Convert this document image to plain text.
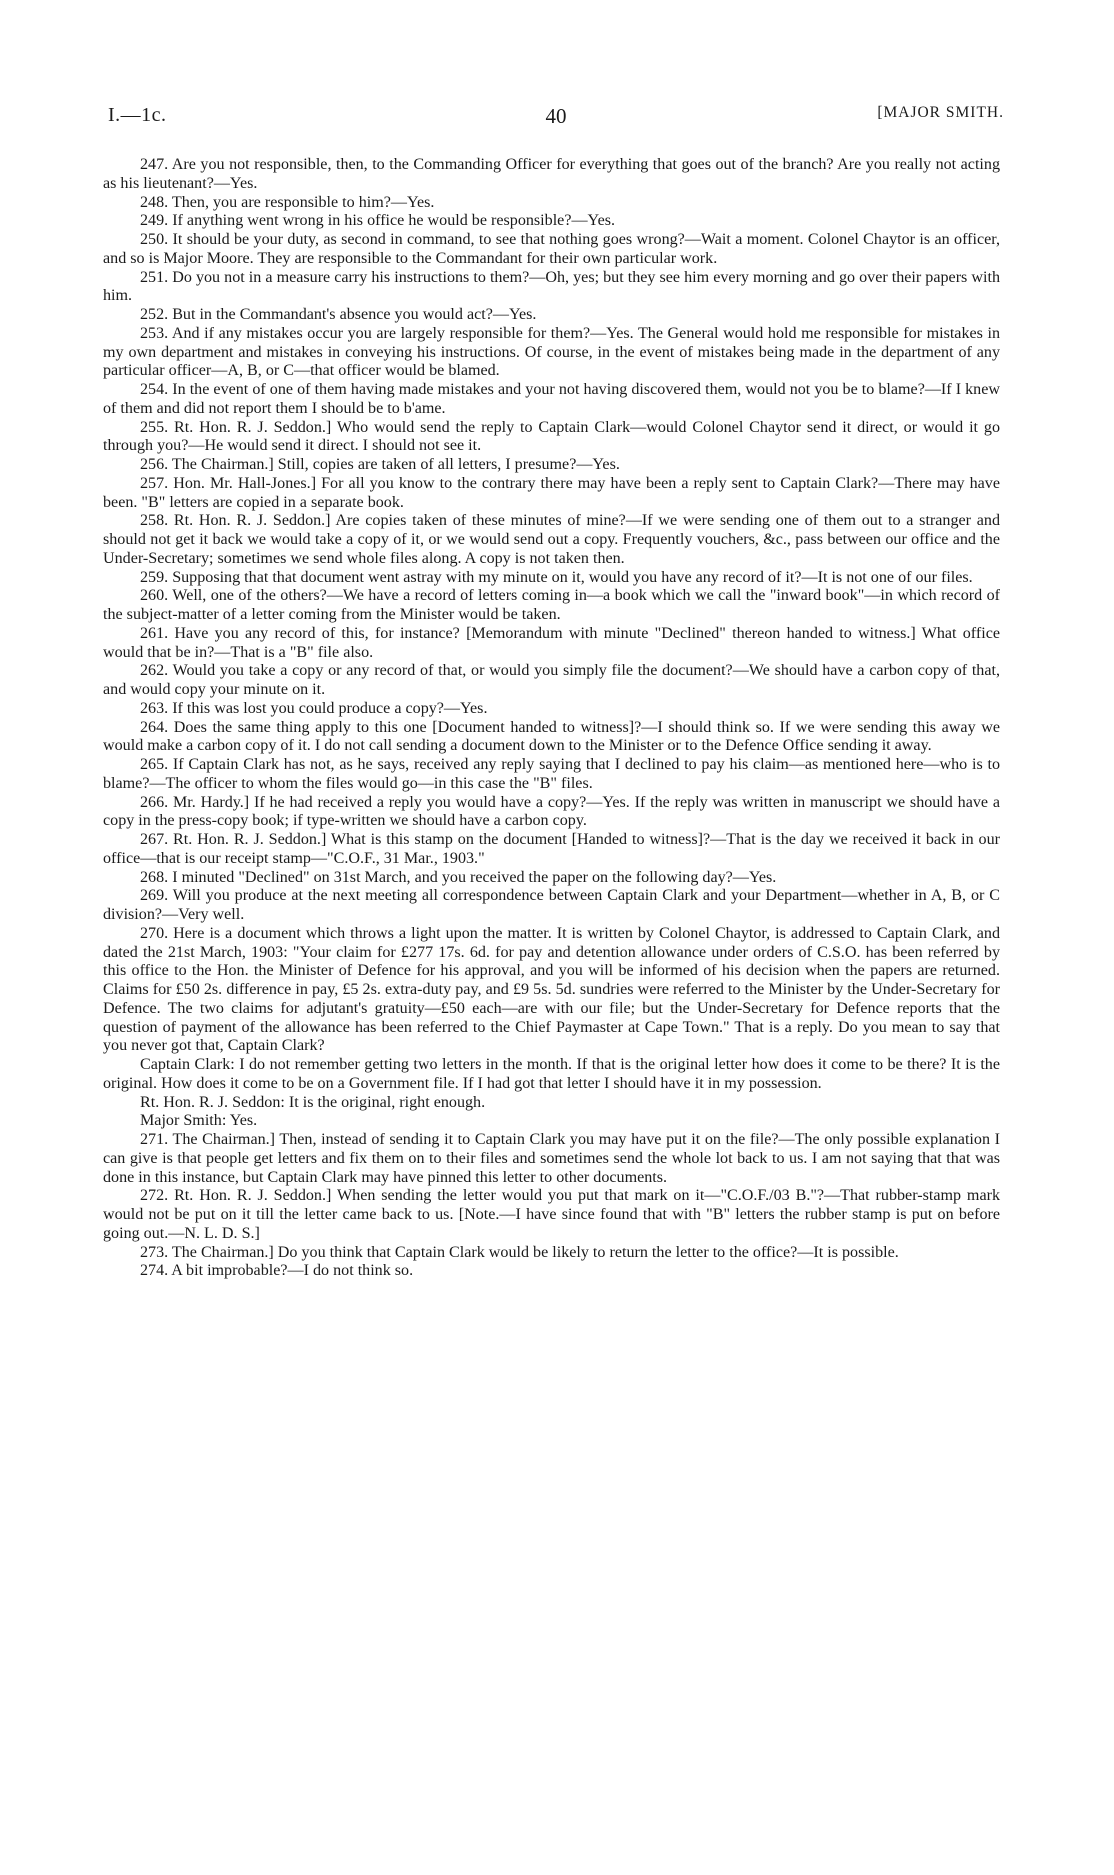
I.—1c.	40	[MAJOR SMITH.

247. Are you not responsible, then, to the Commanding Officer for everything that goes out of the branch? Are you really not acting as his lieutenant?—Yes.

248. Then, you are responsible to him?—Yes.

249. If anything went wrong in his office he would be responsible?—Yes.

250. It should be your duty, as second in command, to see that nothing goes wrong?—Wait a moment. Colonel Chaytor is an officer, and so is Major Moore. They are responsible to the Commandant for their own particular work.

251. Do you not in a measure carry his instructions to them?—Oh, yes; but they see him every morning and go over their papers with him.

252. But in the Commandant's absence you would act?—Yes.

253. And if any mistakes occur you are largely responsible for them?—Yes. The General would hold me responsible for mistakes in my own department and mistakes in conveying his instructions. Of course, in the event of mistakes being made in the department of any particular officer—A, B, or C—that officer would be blamed.

254. In the event of one of them having made mistakes and your not having discovered them, would not you be to blame?—If I knew of them and did not report them I should be to b'ame.

255. Rt. Hon. R. J. Seddon.] Who would send the reply to Captain Clark—would Colonel Chaytor send it direct, or would it go through you?—He would send it direct. I should not see it.

256. The Chairman.] Still, copies are taken of all letters, I presume?—Yes.

257. Hon. Mr. Hall-Jones.] For all you know to the contrary there may have been a reply sent to Captain Clark?—There may have been. "B" letters are copied in a separate book.

258. Rt. Hon. R. J. Seddon.] Are copies taken of these minutes of mine?—If we were sending one of them out to a stranger and should not get it back we would take a copy of it, or we would send out a copy. Frequently vouchers, &c., pass between our office and the Under-Secretary; sometimes we send whole files along. A copy is not taken then.

259. Supposing that that document went astray with my minute on it, would you have any record of it?—It is not one of our files.

260. Well, one of the others?—We have a record of letters coming in—a book which we call the "inward book"—in which record of the subject-matter of a letter coming from the Minister would be taken.

261. Have you any record of this, for instance? [Memorandum with minute "Declined" thereon handed to witness.] What office would that be in?—That is a "B" file also.

262. Would you take a copy or any record of that, or would you simply file the document?—We should have a carbon copy of that, and would copy your minute on it.

263. If this was lost you could produce a copy?—Yes.

264. Does the same thing apply to this one [Document handed to witness]?—I should think so. If we were sending this away we would make a carbon copy of it. I do not call sending a document down to the Minister or to the Defence Office sending it away.

265. If Captain Clark has not, as he says, received any reply saying that I declined to pay his claim—as mentioned here—who is to blame?—The officer to whom the files would go—in this case the "B" files.

266. Mr. Hardy.] If he had received a reply you would have a copy?—Yes. If the reply was written in manuscript we should have a copy in the press-copy book; if type-written we should have a carbon copy.

267. Rt. Hon. R. J. Seddon.] What is this stamp on the document [Handed to witness]?—That is the day we received it back in our office—that is our receipt stamp—"C.O.F., 31 Mar., 1903."

268. I minuted "Declined" on 31st March, and you received the paper on the following day?—Yes.

269. Will you produce at the next meeting all correspondence between Captain Clark and your Department—whether in A, B, or C division?—Very well.

270. Here is a document which throws a light upon the matter. It is written by Colonel Chaytor, is addressed to Captain Clark, and dated the 21st March, 1903: "Your claim for £277 17s. 6d. for pay and detention allowance under orders of C.S.O. has been referred by this office to the Hon. the Minister of Defence for his approval, and you will be informed of his decision when the papers are returned. Claims for £50 2s. difference in pay, £5 2s. extra-duty pay, and £9 5s. 5d. sundries were referred to the Minister by the Under-Secretary for Defence. The two claims for adjutant's gratuity—£50 each—are with our file; but the Under-Secretary for Defence reports that the question of payment of the allowance has been referred to the Chief Paymaster at Cape Town." That is a reply. Do you mean to say that you never got that, Captain Clark?

Captain Clark: I do not remember getting two letters in the month. If that is the original letter how does it come to be there? It is the original. How does it come to be on a Government file. If I had got that letter I should have it in my possession.

Rt. Hon. R. J. Seddon: It is the original, right enough.

Major Smith: Yes.

271. The Chairman.] Then, instead of sending it to Captain Clark you may have put it on the file?—The only possible explanation I can give is that people get letters and fix them on to their files and sometimes send the whole lot back to us. I am not saying that that was done in this instance, but Captain Clark may have pinned this letter to other documents.

272. Rt. Hon. R. J. Seddon.] When sending the letter would you put that mark on it—"C.O.F./03 B."?—That rubber-stamp mark would not be put on it till the letter came back to us. [Note.—I have since found that with "B" letters the rubber stamp is put on before going out.—N. L. D. S.]

273. The Chairman.] Do you think that Captain Clark would be likely to return the letter to the office?—It is possible.

274. A bit improbable?—I do not think so.
